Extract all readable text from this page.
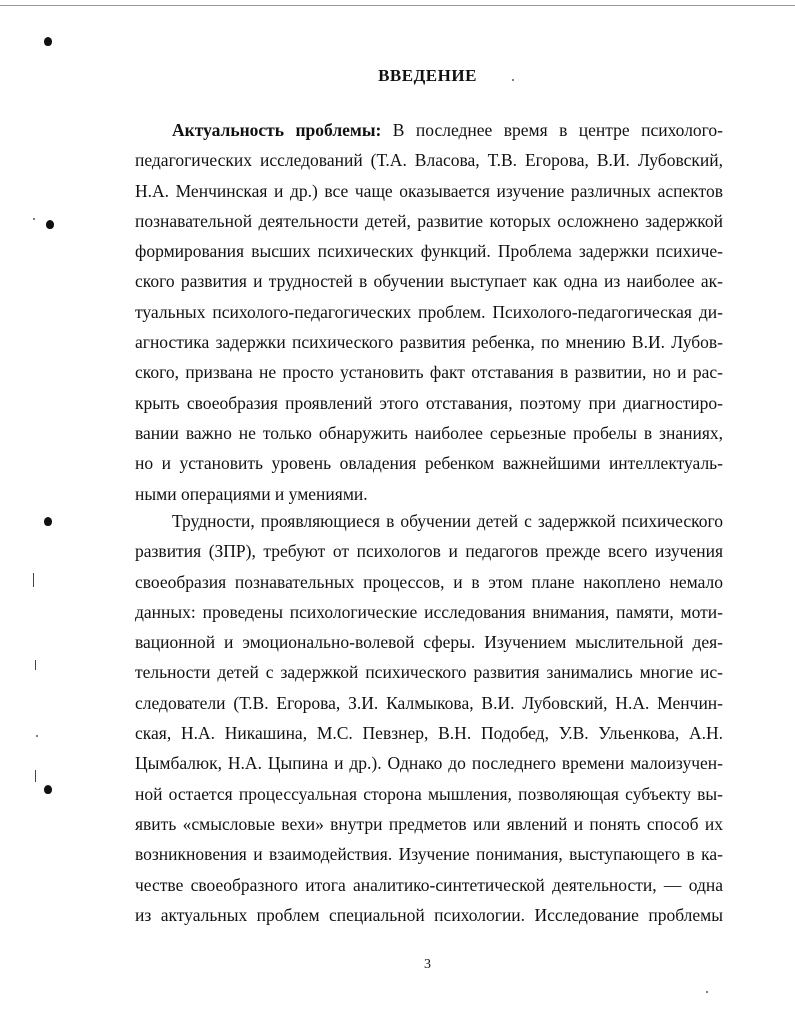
ВВЕДЕНИЕ
Актуальность проблемы: В последнее время в центре психолого-
педагогических исследований (Т.А. Власова, Т.В. Егорова, В.И. Лубовский,
Н.А. Менчинская и др.) все чаще оказывается изучение различных аспектов
познавательной деятельности детей, развитие которых осложнено задержкой
формирования высших психических функций. Проблема задержки психиче-
ского развития и трудностей в обучении выступает как одна из наиболее ак-
туальных психолого-педагогических проблем. Психолого-педагогическая ди-
агностика задержки психического развития ребенка, по мнению В.И. Лубов-
ского, призвана не просто установить факт отставания в развитии, но и рас-
крыть своеобразия проявлений этого отставания, поэтому при диагностиро-
вании важно не только обнаружить наиболее серьезные пробелы в знаниях,
но и установить уровень овладения ребенком важнейшими интеллектуаль-
ными операциями и умениями.
Трудности, проявляющиеся в обучении детей с задержкой психического
развития (ЗПР), требуют от психологов и педагогов прежде всего изучения
своеобразия познавательных процессов, и в этом плане накоплено немало
данных: проведены психологические исследования внимания, памяти, моти-
вационной и эмоционально-волевой сферы. Изучением мыслительной дея-
тельности детей с задержкой психического развития занимались многие ис-
следователи (Т.В. Егорова, З.И. Калмыкова, В.И. Лубовский, Н.А. Менчин-
ская, Н.А. Никашина, М.С. Певзнер, В.Н. Подобед, У.В. Ульенкова, А.Н.
Цымбалюк, Н.А. Цыпина и др.). Однако до последнего времени малоизучен-
ной остается процессуальная сторона мышления, позволяющая субъекту вы-
явить «смысловые вехи» внутри предметов или явлений и понять способ их
возникновения и взаимодействия. Изучение понимания, выступающего в ка-
честве своеобразного итога аналитико-синтетической деятельности, — одна
из актуальных проблем специальной психологии. Исследование проблемы
3
